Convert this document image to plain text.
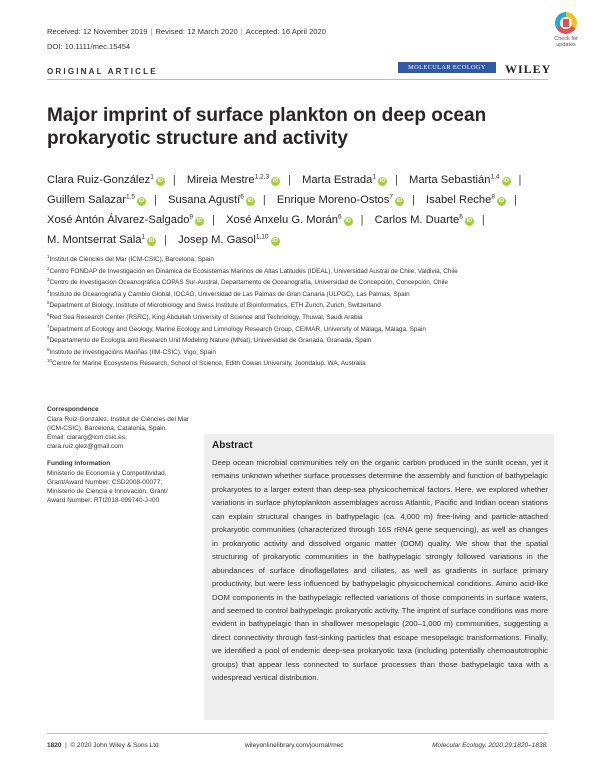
Received: 12 November 2019 | Revised: 12 March 2020 | Accepted: 16 April 2020
DOI: 10.1111/mec.15454
Check for updates
ORIGINAL ARTICLE	MOLECULAR ECOLOGY	WILEY
Major imprint of surface plankton on deep ocean prokaryotic structure and activity
Clara Ruiz-González$^1$iD | Mireia Mestre$^{1,2,3}$iD | Marta Estrada$^1$iD | Marta Sebastián$^{1,4}$iD | Guillem Salazar$^{1,5}$iD | Susana Agustí$^6$iD | Enrique Moreno-Ostos$^7$iD | Isabel Reche$^8$iD | Xosé Antón Álvarez-Salgado$^9$iD | Xosé Anxelu G. Morán$^6$iD | Carlos M. Duarte$^6$iD | M. Montserrat Sala$^1$iD | Josep M. Gasol$^{1,10}$iD
$^1$Institut de Ciències del Mar (ICM-CSIC), Barcelona, Spain
$^2$Centro FONDAP de Investigación en Dinámica de Ecosistemas Marinos de Altas Latitudes (IDEAL), Universidad Austral de Chile, Valdivia, Chile
$^3$Centro de Investigación Oceanográfica COPAS Sur-Austral, Departamento de Oceanografía, Universidad de Concepción, Concepción, Chile
$^4$Instituto de Oceanografía y Cambio Global, IOCAG, Universidad de Las Palmas de Gran Canaria (ULPGC), Las Palmas, Spain
$^5$Department of Biology, Institute of Microbiology and Swiss Institute of Bioinformatics, ETH Zurich, Zurich, Switzerland
$^6$Red Sea Research Center (RSRC), King Abdullah University of Science and Technology, Thuwal, Saudi Arabia
$^7$Department of Ecology and Geology, Marine Ecology and Limnology Research Group, CEIMAR, University of Málaga, Málaga, Spain
$^8$Departamento de Ecología and Research Unit Modeling Nature (MNat), Universidad de Granada, Granada, Spain
$^9$Instituto de Investigacións Mariñas (IIM-CSIC), Vigo, Spain
$^{10}$Centre for Marine Ecosystems Research, School of Science, Edith Cowan University, Joondalup, WA, Australia
Correspondence
Clara Ruiz-González, Institut de Ciències del Mar (ICM-CSIC), Barcelona, Catalonia, Spain.
Email: clararg@icm.csic.es, clara.ruiz.glez@gmail.com
Funding information
Ministerio de Economía y Competitividad,
Grant/Award Number: CSD2008-00077;
Ministerio de Ciencia e Innovación, Grant/
Award Number: RTI2018-099740-J-I00
Abstract
Deep ocean microbial communities rely on the organic carbon produced in the sunlit ocean, yet it remains unknown whether surface processes determine the assembly and function of bathypelagic prokaryotes to a larger extent than deep-sea physicochemical factors. Here, we explored whether variations in surface phytoplankton assemblages across Atlantic, Pacific and Indian ocean stations can explain structural changes in bathypelagic (ca. 4,000 m) free-living and particle-attached prokaryotic communities (characterized through 16S rRNA gene sequencing), as well as changes in prokaryotic activity and dissolved organic matter (DOM) quality. We show that the spatial structuring of prokaryotic communities in the bathypelagic strongly followed variations in the abundances of surface dinoflagellates and ciliates, as well as gradients in surface primary productivity, but were less influenced by bathypelagic physicochemical conditions. Amino acid-like DOM components in the bathypelagic reflected variations of those components in surface waters, and seemed to control bathypelagic prokaryotic activity. The imprint of surface conditions was more evident in bathypelagic than in shallower mesopelagic (200–1,000 m) communities, suggesting a direct connectivity through fast-sinking particles that escape mesopelagic transformations. Finally, we identified a pool of endemic deep-sea prokaryotic taxa (including potentially chemoautotrophic groups) that appear less connected to surface processes than those bathypelagic taxa with a widespread vertical distribution.
1820  |  © 2020 John Wiley & Sons Ltd	wileyonlinelibrary.com/journal/mec	Molecular Ecology. 2020;29:1820–1838.
